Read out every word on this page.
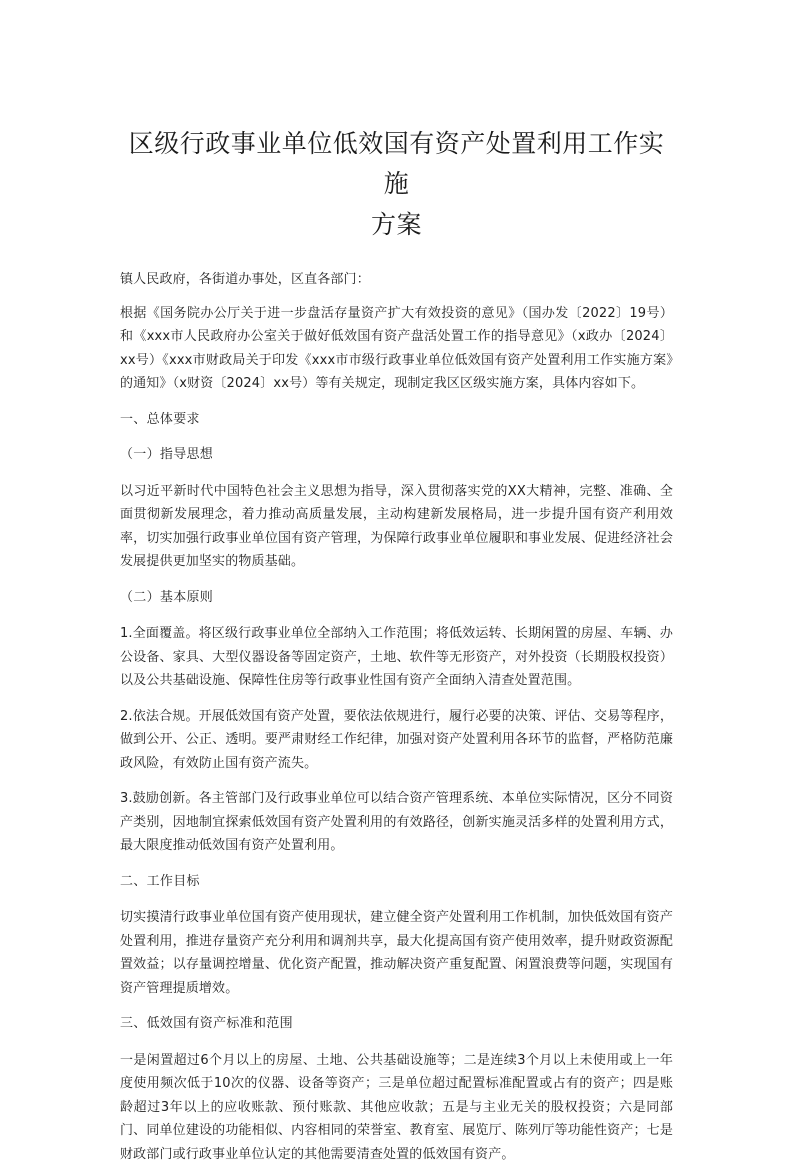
区级行政事业单位低效国有资产处置利用工作实施
方案

镇人民政府，各街道办事处，区直各部门：

根据《国务院办公厅关于进一步盘活存量资产扩大有效投资的意见》（国办发〔2022〕19号）和《xxx市人民政府办公室关于做好低效国有资产盘活处置工作的指导意见》（x政办〔2024〕xx号）《xxx市财政局关于印发《xxx市市级行政事业单位低效国有资产处置利用工作实施方案》的通知》（x财资〔2024〕xx号）等有关规定，现制定我区区级实施方案，具体内容如下。

一、总体要求

（一）指导思想

以习近平新时代中国特色社会主义思想为指导，深入贯彻落实党的XX大精神，完整、准确、全面贯彻新发展理念，着力推动高质量发展，主动构建新发展格局，进一步提升国有资产利用效率，切实加强行政事业单位国有资产管理，为保障行政事业单位履职和事业发展、促进经济社会发展提供更加坚实的物质基础。

（二）基本原则

1.全面覆盖。将区级行政事业单位全部纳入工作范围；将低效运转、长期闲置的房屋、车辆、办公设备、家具、大型仪器设备等固定资产，土地、软件等无形资产，对外投资（长期股权投资）以及公共基础设施、保障性住房等行政事业性国有资产全面纳入清查处置范围。

2.依法合规。开展低效国有资产处置，要依法依规进行，履行必要的决策、评估、交易等程序，做到公开、公正、透明。要严肃财经工作纪律，加强对资产处置利用各环节的监督，严格防范廉政风险，有效防止国有资产流失。

3.鼓励创新。各主管部门及行政事业单位可以结合资产管理系统、本单位实际情况，区分不同资产类别，因地制宜探索低效国有资产处置利用的有效路径，创新实施灵活多样的处置利用方式，最大限度推动低效国有资产处置利用。

二、工作目标

切实摸清行政事业单位国有资产使用现状，建立健全资产处置利用工作机制，加快低效国有资产处置利用，推进存量资产充分利用和调剂共享，最大化提高国有资产使用效率，提升财政资源配置效益；以存量调控增量、优化资产配置，推动解决资产重复配置、闲置浪费等问题，实现国有资产管理提质增效。

三、低效国有资产标准和范围

一是闲置超过6个月以上的房屋、土地、公共基础设施等；二是连续3个月以上未使用或上一年度使用频次低于10次的仪器、设备等资产；三是单位超过配置标准配置或占有的资产；四是账龄超过3年以上的应收账款、预付账款、其他应收款；五是与主业无关的股权投资；六是同部门、同单位建设的功能相似、内容相同的荣誉室、教育室、展览厅、陈列厅等功能性资产；七是财政部门或行政事业单位认定的其他需要清查处置的低效国有资产。
